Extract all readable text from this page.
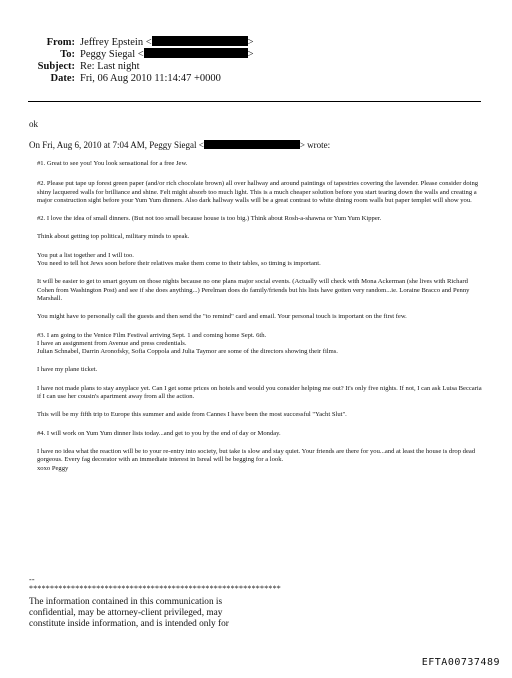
From: Jeffrey Epstein <	>
To: Peggy Siegal <	>
Subject: Re: Last night
Date: Fri, 06 Aug 2010 11:14:47 +0000
ok
On Fri, Aug 6, 2010 at 7:04 AM, Peggy Siegal <	> wrote:

#1. Great to see you! You look sensational for a free Jew.

#2. Please put tape up forest green paper (and/or rich chocolate brown) all over hallway and around paintings of tapestries covering the lavender. Please consider doing shiny lacquered walls for brilliance and shine. Felt might absorb too much light. This is a much cheaper solution before you start tearing down the walls and creating a major construction sight before your Yum Yum dinners. Also dark hallway walls will be a great contrast to white dining room walls but paper templet will show you.

#2. I love the idea of small dinners. (But not too small because house is too big.) Think about Rosh-a-shawna or Yum Yum Kipper.

Think about getting top political, military minds to speak.

You put a list together and I will too.
You need to tell hot Jews soon before their relatives make them come to their tables, so timing is important.

It will be easier to get to smart goyum on those nights because no one plans major social events. (Actually will check with Mona Ackerman (she lives with Richard Cohen from Washington Post) and see if she does anything...) Perelman does do family/friends but his lists have gotten very random...ie. Loraine Bracco and Penny Marshall.

You might have to personally call the guests and then send the "to remind" card and email. Your personal touch is important on the first few.

#3. I am going to the Venice Film Festival arriving Sept. 1 and coming home Sept. 6th.
I have an assignment from Avenue and press credentials.
Julian Schnabel, Darrin Aronofsky, Sofia Coppola and Julia Taymor are some of the directors showing their films.

I have my plane ticket.

I have not made plans to stay anyplace yet. Can I get some prices on hotels and would you consider helping me out? It's only five nights. If not, I can ask Luisa Beccaria if I can use her cousin's apartment away from all the action.

This will be my fifth trip to Europe this summer and aside from Cannes I have been the most successful "Yacht Slut".

#4. I will work on Yum Yum dinner lists today...and get to you by the end of day or Monday.

I have no idea what the reaction will be to your re-entry into society, but take is slow and stay quiet. Your friends are there for you...and at least the house is drop dead gorgeous. Every fag decorator with an immediate interest in Isreal will be begging for a look.
xoxo Peggy

--
************************************************************

The information contained in this communication is

confidential, may be attorney-client privileged, may

constitute inside information, and is intended only for

EFTA00737489
